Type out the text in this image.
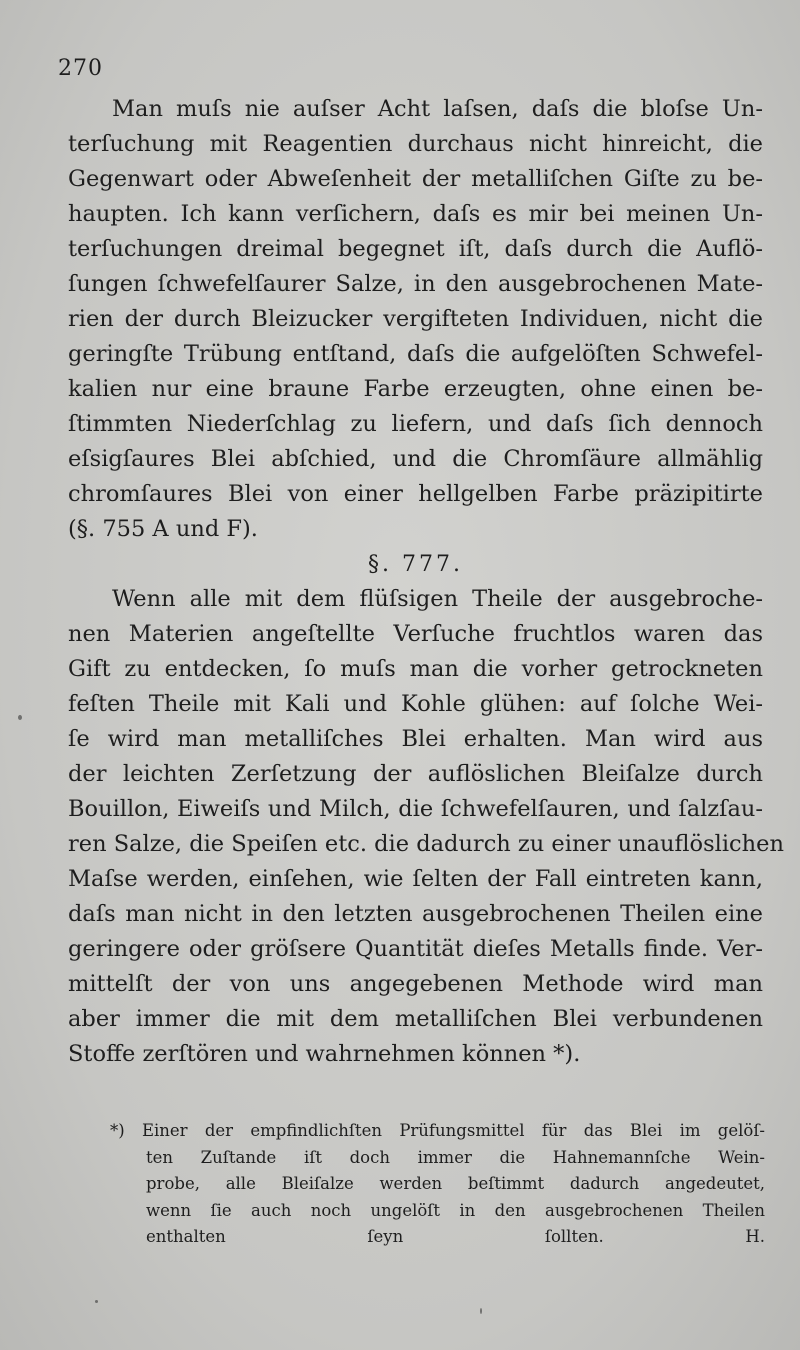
270
Man muſs nie auſser Acht laſsen, daſs die bloſse Un-
terſuchung mit Reagentien durchaus nicht hinreicht, die
Gegenwart oder Abweſenheit der metalliſchen Giſte zu be-
haupten. Ich kann verſichern, daſs es mir bei meinen Un-
terſuchungen dreimal begegnet iſt, daſs durch die Auflö-
ſungen ſchwefelſaurer Salze, in den ausgebrochenen Mate-
rien der durch Bleizucker vergifteten Individuen, nicht die
geringſte Trübung entſtand, daſs die aufgelöſten Schwefel-
kalien nur eine braune Farbe erzeugten, ohne einen be-
ſtimmten Niederſchlag zu liefern, und daſs ſich dennoch
eſsigſaures Blei abſchied, und die Chromſäure allmählig
chromſaures Blei von einer hellgelben Farbe präzipitirte
(§. 755 A und F).
§. 777.
Wenn alle mit dem flüſsigen Theile der ausgebroche-
nen Materien angeſtellte Verſuche fruchtlos waren das
Gift zu entdecken, ſo muſs man die vorher getrockneten
feſten Theile mit Kali und Kohle glühen: auf ſolche Wei-
ſe wird man metalliſches Blei erhalten. Man wird aus
der leichten Zerſetzung der auflöslichen Bleiſalze durch
Bouillon, Eiweiſs und Milch, die ſchwefelſauren, und ſalzſau-
ren Salze, die Speiſen etc. die dadurch zu einer unauflöslichen
Maſse werden, einſehen, wie ſelten der Fall eintreten kann,
daſs man nicht in den letzten ausgebrochenen Theilen eine
geringere oder gröſsere Quantität dieſes Metalls finde. Ver-
mittelſt der von uns angegebenen Methode wird man
aber immer die mit dem metalliſchen Blei verbundenen
Stoffe zerſtören und wahrnehmen können *).
*) Einer der empfindlichſten Prüfungsmittel für das Blei im gelöſ-
ten Zuſtande iſt doch immer die Hahnemannſche Wein-
probe, alle Bleiſalze werden beſtimmt dadurch angedeutet,
wenn ſie auch noch ungelöſt in den ausgebrochenen Theilen
enthalten ſeyn ſollten.	H.
